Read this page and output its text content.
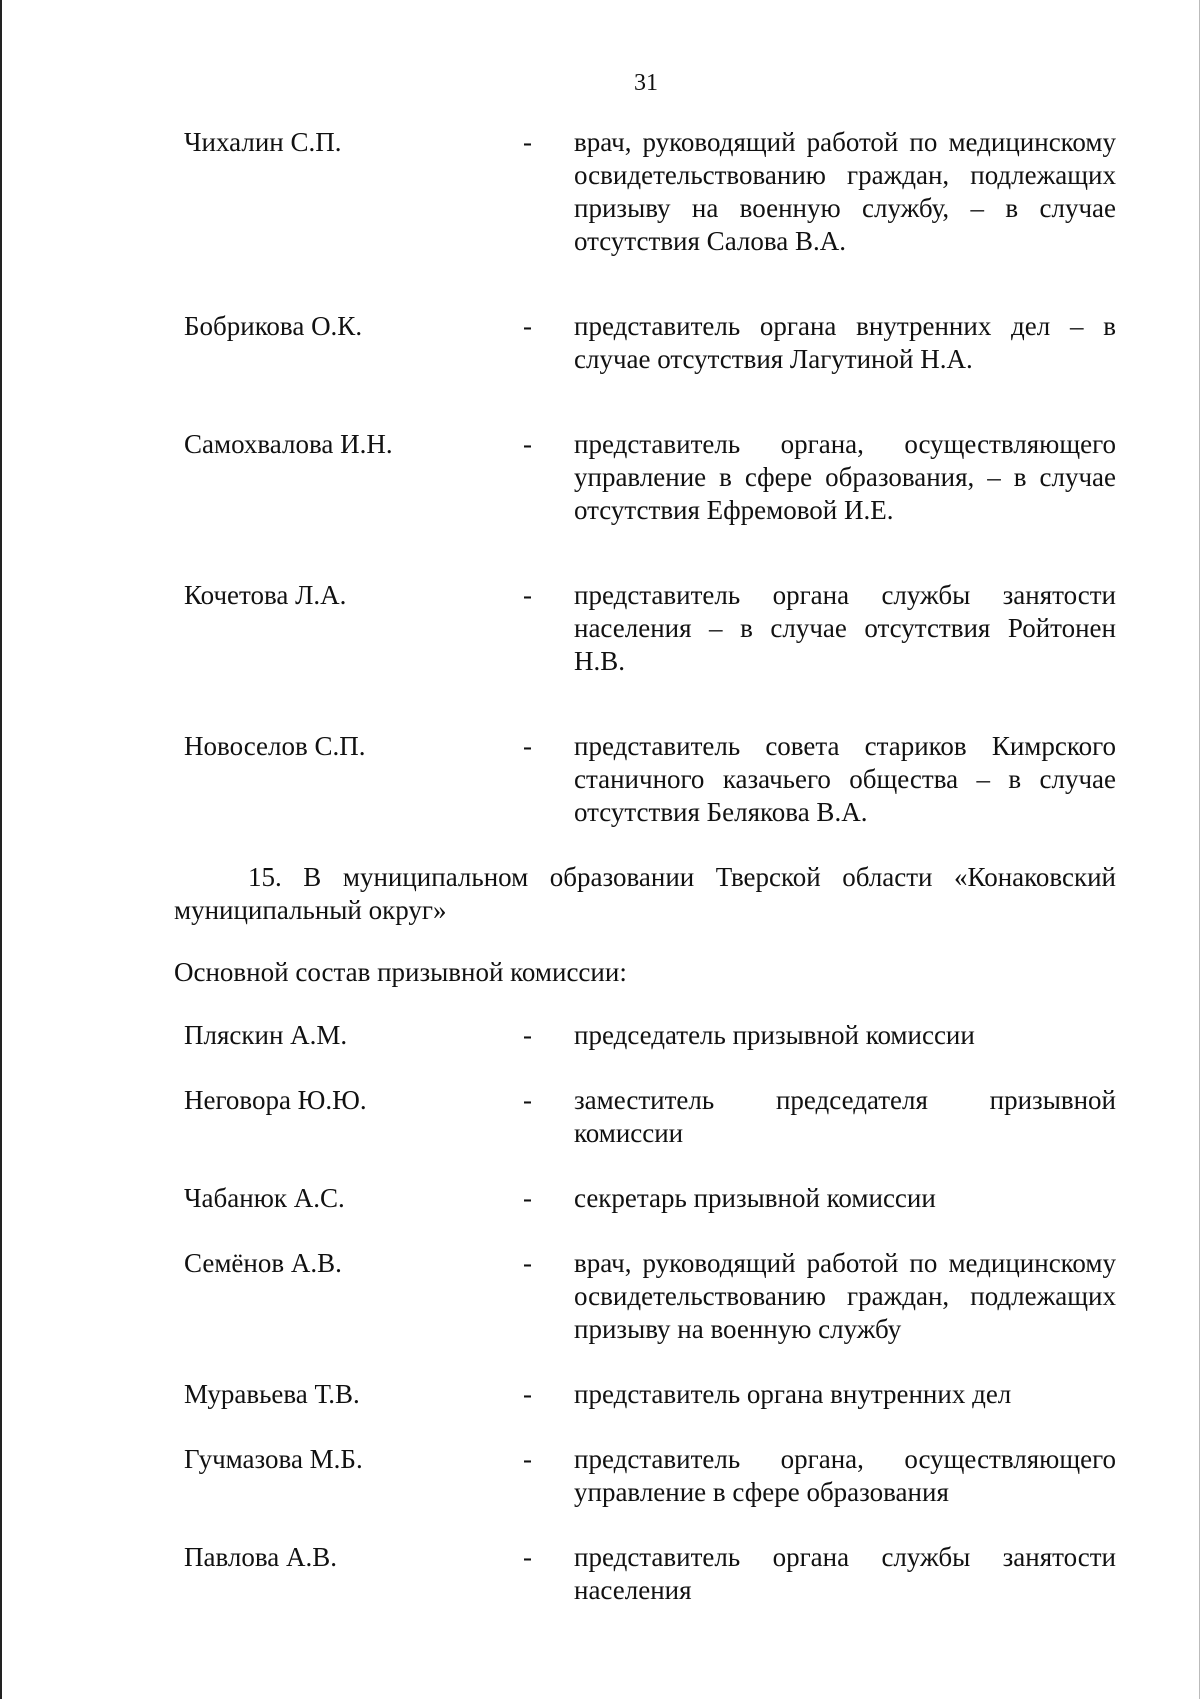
31
Чихалин С.П.	-	врач, руководящий работой по медицинскому освидетельствованию граждан, подлежащих призыву на военную службу, – в случае отсутствия Салова В.А.
Бобрикова О.К.	-	представитель органа внутренних дел – в случае отсутствия Лагутиной Н.А.
Самохвалова И.Н.	-	представитель органа, осуществляющего управление в сфере образования, – в случае отсутствия Ефремовой И.Е.
Кочетова Л.А.	-	представитель органа службы занятости населения – в случае отсутствия Ройтонен Н.В.
Новоселов С.П.	-	представитель совета стариков Кимрского станичного казачьего общества – в случае отсутствия Белякова В.А.
15. В муниципальном образовании Тверской области «Конаковский муниципальный округ»
Основной состав призывной комиссии:
Пляскин А.М.	-	председатель призывной комиссии
Неговора Ю.Ю.	-	заместитель председателя призывной комиссии
Чабанюк А.С.	-	секретарь призывной комиссии
Семёнов А.В.	-	врач, руководящий работой по медицинскому освидетельствованию граждан, подлежащих призыву на военную службу
Муравьева Т.В.	-	представитель органа внутренних дел
Гучмазова М.Б.	-	представитель органа, осуществляющего управление в сфере образования
Павлова А.В.	-	представитель органа службы занятости населения
